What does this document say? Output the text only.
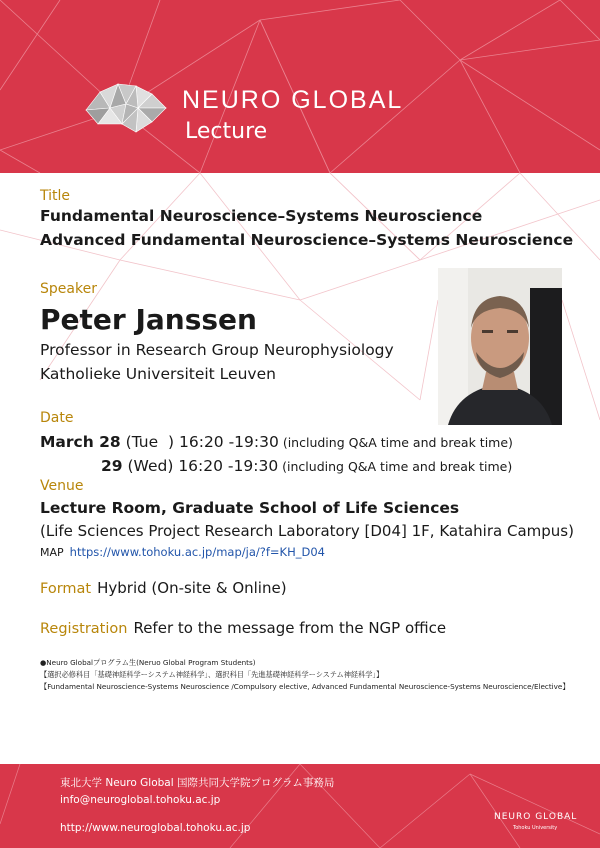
NEURO GLOBAL
Lecture
Title
Fundamental Neuroscience–Systems Neuroscience
Advanced Fundamental Neuroscience–Systems Neuroscience
Speaker
Peter Janssen
Professor in Research Group Neurophysiology
Katholieke Universiteit Leuven
Date
March 28 (Tue  ) 16:20 -19:30 (including Q&A time and break time)
29 (Wed) 16:20 -19:30 (including Q&A time and break time)
Venue
Lecture Room, Graduate School of Life Sciences
(Life Sciences Project Research Laboratory [D04] 1F, Katahira Campus)
MAP https://www.tohoku.ac.jp/map/ja/?f=KH_D04
Format Hybrid (On-site & Online)
Registration Refer to the message from the NGP office
●Neuro Globalプログラム生(Neruo Global Program Students)
【選択必修科目「基礎神経科学ーシステム神経科学」、選択科目「先進基礎神経科学ーシステム神経科学」】
【Fundamental Neuroscience-Systems Neuroscience /Compulsory elective, Advanced Fundamental Neuroscience-Systems Neuroscience/Elective】
東北大学 Neuro Global 国際共同大学院プログラム事務局
info@neuroglobal.tohoku.ac.jp
http://www.neuroglobal.tohoku.ac.jp
NEURO GLOBAL
Tohoku University
